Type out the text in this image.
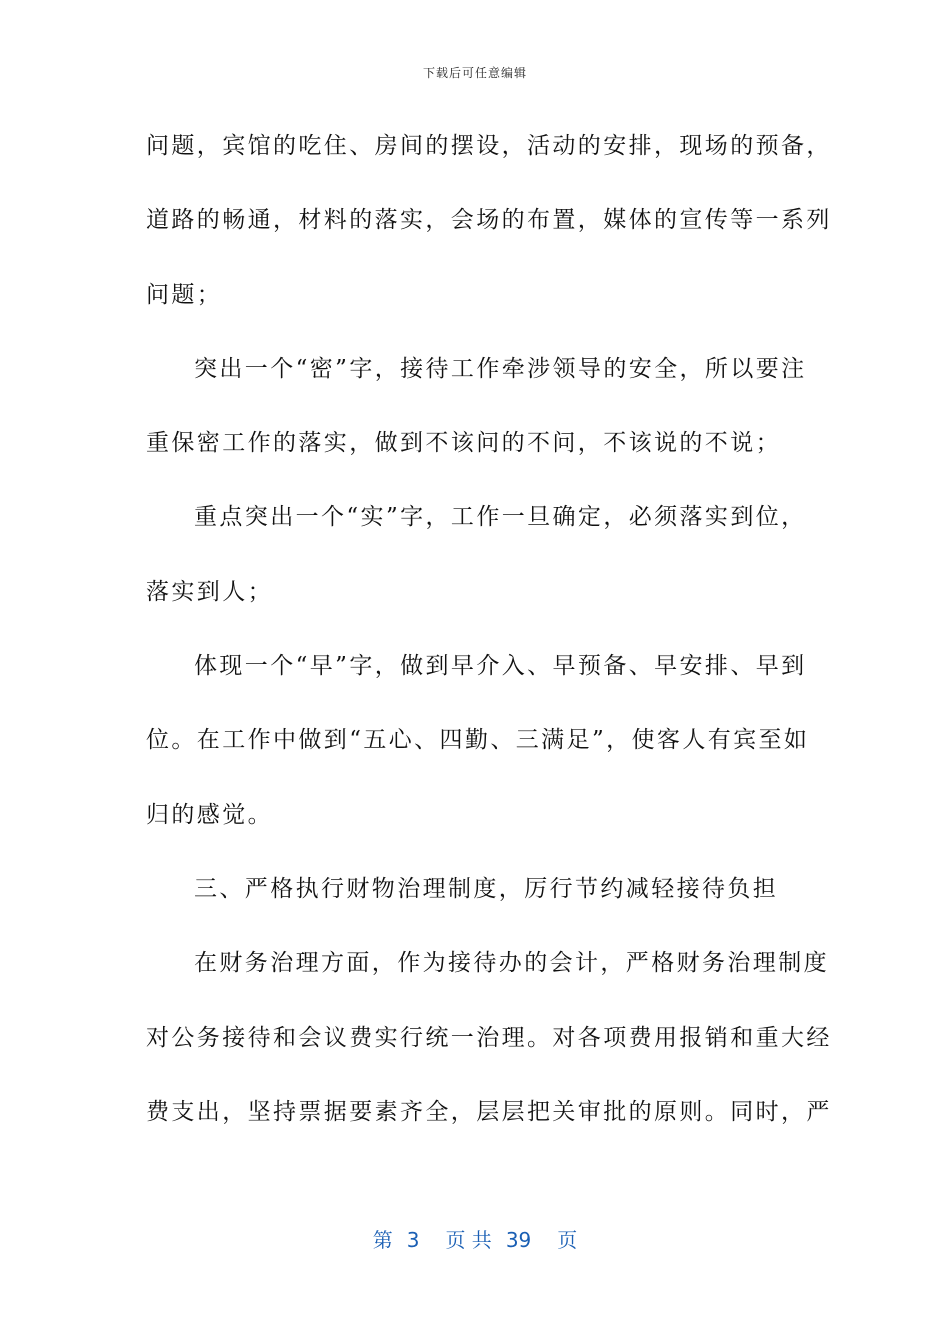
下载后可任意编辑
问题，宾馆的吃住、房间的摆设，活动的安排，现场的预备，
道路的畅通，材料的落实，会场的布置，媒体的宣传等一系列
问题；
突出一个“密”字，接待工作牵涉领导的安全，所以要注
重保密工作的落实，做到不该问的不问，不该说的不说；
重点突出一个“实”字，工作一旦确定，必须落实到位，
落实到人；
体现一个“早”字，做到早介入、早预备、早安排、早到
位。在工作中做到“五心、四勤、三满足”，使客人有宾至如
归的感觉。
三、严格执行财物治理制度，厉行节约减轻接待负担
在财务治理方面，作为接待办的会计，严格财务治理制度
对公务接待和会议费实行统一治理。对各项费用报销和重大经
费支出，坚持票据要素齐全，层层把关审批的原则。同时，严
第 3 页 共 39 页
